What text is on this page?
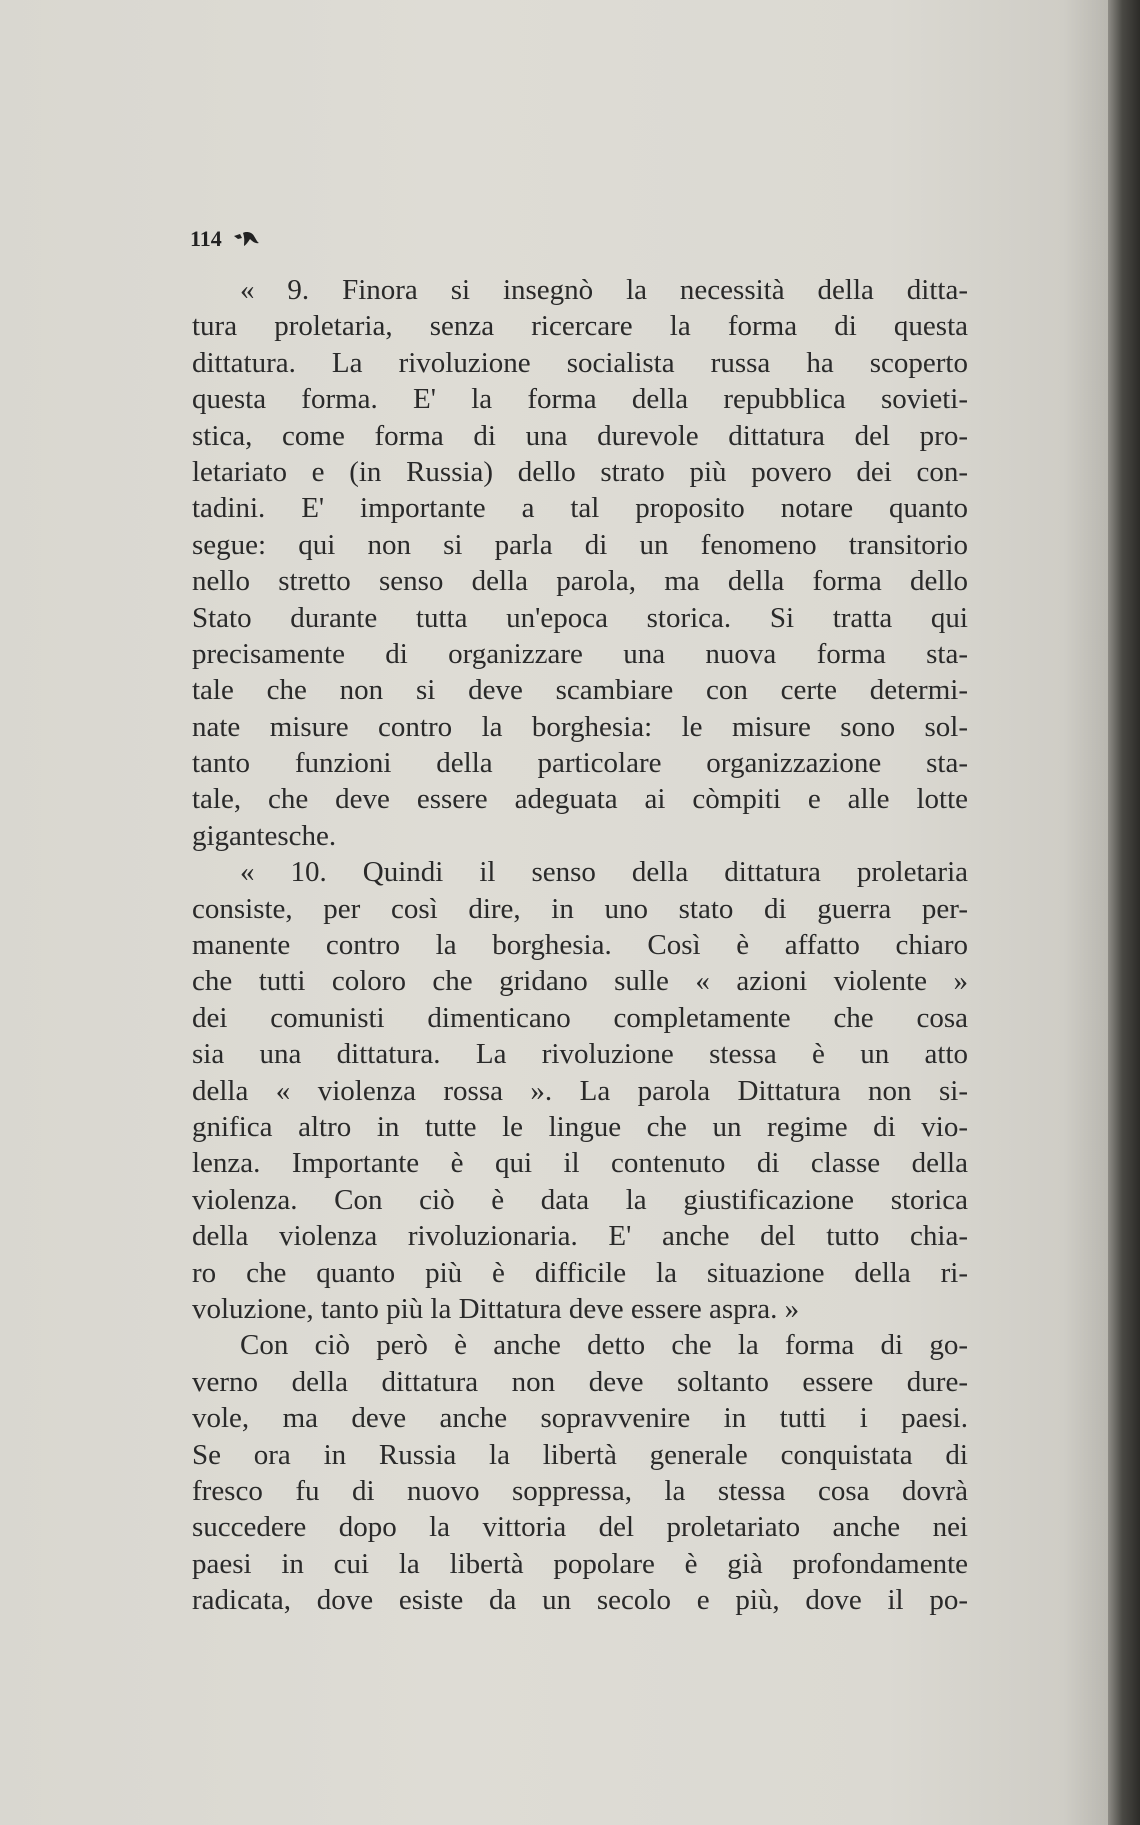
114
« 9. Finora si insegnò la necessità della ditta-
tura proletaria, senza ricercare la forma di questa
dittatura. La rivoluzione socialista russa ha scoperto
questa forma. E' la forma della repubblica sovieti-
stica, come forma di una durevole dittatura del pro-
letariato e (in Russia) dello strato più povero dei con-
tadini. E' importante a tal proposito notare quanto
segue: qui non si parla di un fenomeno transitorio
nello stretto senso della parola, ma della forma dello
Stato durante tutta un'epoca storica. Si tratta qui
precisamente di organizzare una nuova forma sta-
tale che non si deve scambiare con certe determi-
nate misure contro la borghesia: le misure sono sol-
tanto funzioni della particolare organizzazione sta-
tale, che deve essere adeguata ai còmpiti e alle lotte
gigantesche.
« 10. Quindi il senso della dittatura proletaria
consiste, per così dire, in uno stato di guerra per-
manente contro la borghesia. Così è affatto chiaro
che tutti coloro che gridano sulle « azioni violente »
dei comunisti dimenticano completamente che cosa
sia una dittatura. La rivoluzione stessa è un atto
della « violenza rossa ». La parola Dittatura non si-
gnifica altro in tutte le lingue che un regime di vio-
lenza. Importante è qui il contenuto di classe della
violenza. Con ciò è data la giustificazione storica
della violenza rivoluzionaria. E' anche del tutto chia-
ro che quanto più è difficile la situazione della ri-
voluzione, tanto più la Dittatura deve essere aspra. »
Con ciò però è anche detto che la forma di go-
verno della dittatura non deve soltanto essere dure-
vole, ma deve anche sopravvenire in tutti i paesi.
Se ora in Russia la libertà generale conquistata di
fresco fu di nuovo soppressa, la stessa cosa dovrà
succedere dopo la vittoria del proletariato anche nei
paesi in cui la libertà popolare è già profondamente
radicata, dove esiste da un secolo e più, dove il po-
